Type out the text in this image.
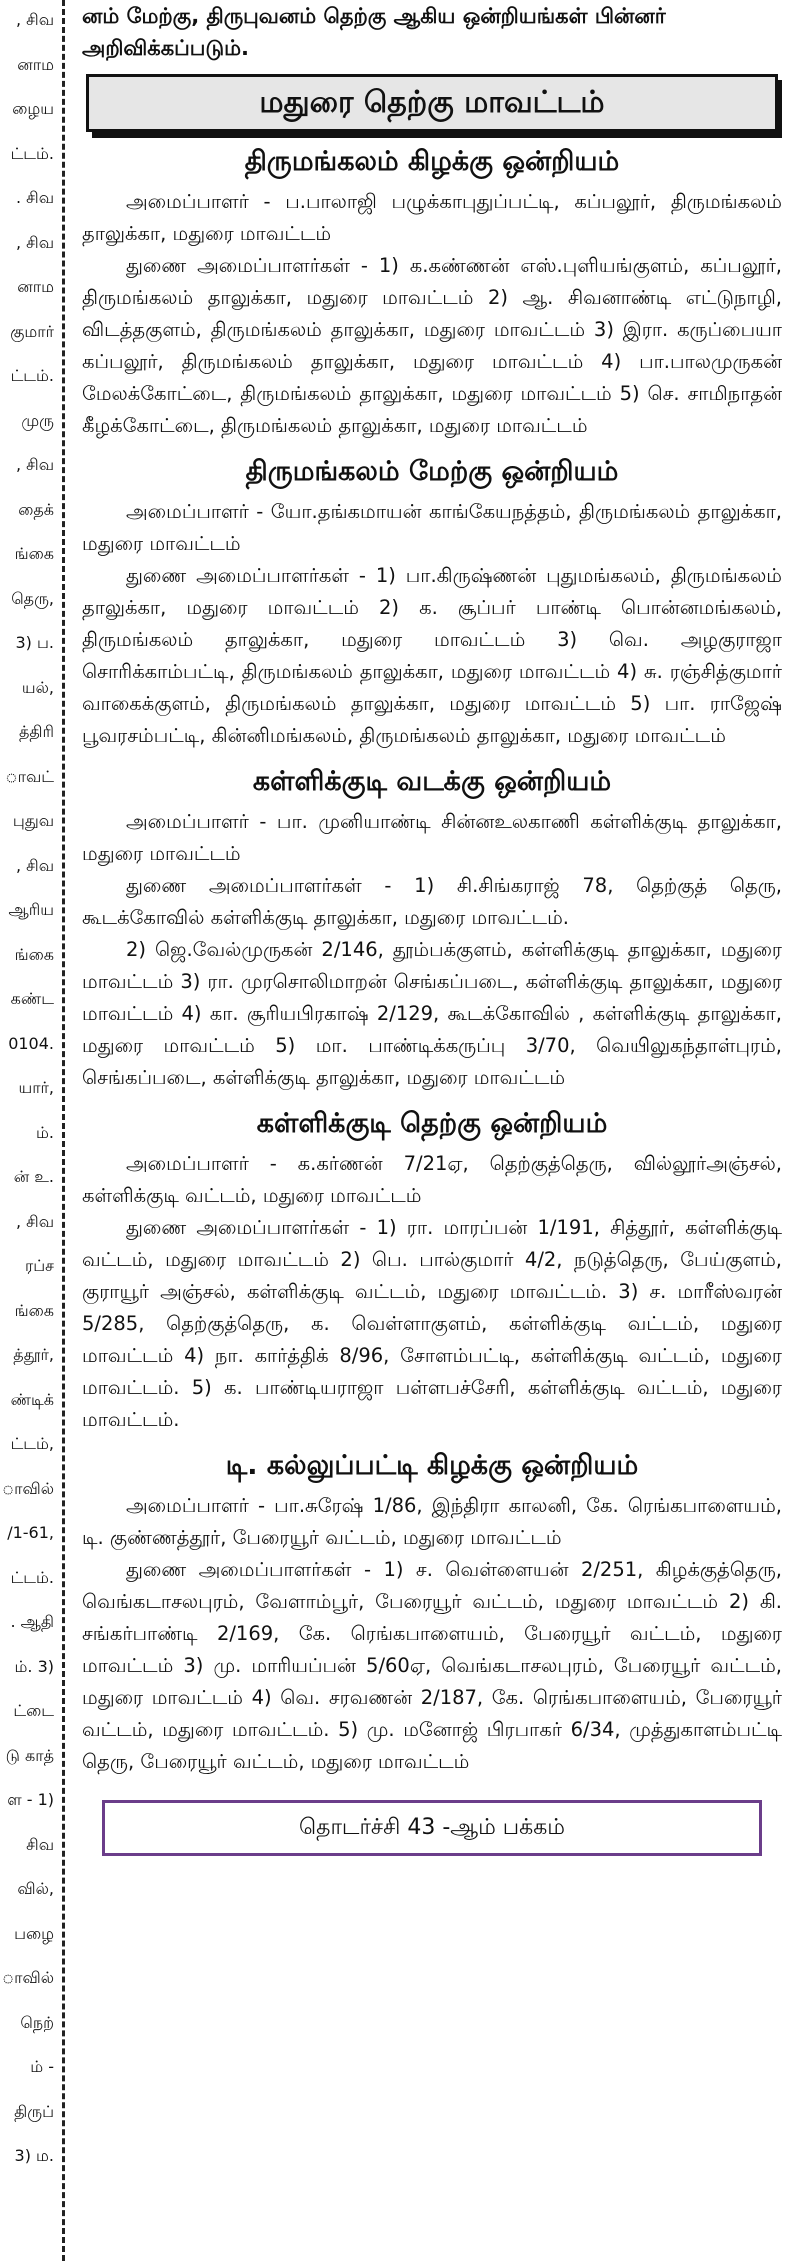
, சிவ
னாம
ழைய
ட்டம்.
. சிவ
, சிவ
னாம
குமார்
ட்டம்.
முரு
, சிவ
தைக்
ங்கை
தெரு,
3) ப.
யல்,
த்திரி
ாவட்
புதுவ
, சிவ
ஆரிய
ங்கை
கண்ட
0104.
யார்,
ம்.
ன் உ.
, சிவ
ரப்ச
ங்கை
த்தூர்,
ண்டிக்
ட்டம்,
ாவில்
/1-61,
ட்டம்.
. ஆதி
ம். 3)
ட்டை
டு காத்
ள - 1)
சிவ
வில்,
பழை
ாவில்
நெற்
ம் -
திருப்
3) ம.

னம் மேற்கு, திருபுவனம் தெற்கு ஆகிய ஒன்றியங்கள் பின்னர் அறிவிக்கப்படும்.

மதுரை தெற்கு மாவட்டம்
திருமங்கலம் கிழக்கு ஒன்றியம்

அமைப்பாளர் - ப.பாலாஜி பழுக்காபுதுப்பட்டி, கப்பலூர், திருமங்கலம் தாலுக்கா, மதுரை மாவட்டம்

துணை அமைப்பாளர்கள் - 1) க.கண்ணன் எஸ்.புளியங்குளம், கப்பலூர், திருமங்கலம் தாலுக்கா, மதுரை மாவட்டம் 2) ஆ. சிவனாண்டி எட்டுநாழி, விடத்தகுளம், திருமங்கலம் தாலுக்கா, மதுரை மாவட்டம் 3) இரா. கருப்பையா கப்பலூர், திருமங்கலம் தாலுக்கா, மதுரை மாவட்டம் 4) பா.பாலமுருகன் மேலக்கோட்டை, திருமங்கலம் தாலுக்கா, மதுரை மாவட்டம் 5) செ. சாமிநாதன் கீழக்கோட்டை, திருமங்கலம் தாலுக்கா, மதுரை மாவட்டம்

திருமங்கலம் மேற்கு ஒன்றியம்

அமைப்பாளர் - யோ.தங்கமாயன் காங்கேயநத்தம், திருமங்கலம் தாலுக்கா, மதுரை மாவட்டம்

துணை அமைப்பாளர்கள் - 1) பா.கிருஷ்ணன் புதுமங்கலம், திருமங்கலம் தாலுக்கா, மதுரை மாவட்டம் 2) க. சூப்பர் பாண்டி பொன்னமங்கலம், திருமங்கலம் தாலுக்கா, மதுரை மாவட்டம் 3) வெ. அழகுராஜா சொரிக்காம்பட்டி, திருமங்கலம் தாலுக்கா, மதுரை மாவட்டம் 4) சு. ரஞ்சித்குமார் வாகைக்குளம், திருமங்கலம் தாலுக்கா, மதுரை மாவட்டம் 5) பா. ராஜேஷ் பூவரசம்பட்டி, கின்னிமங்கலம், திருமங்கலம் தாலுக்கா, மதுரை மாவட்டம்

கள்ளிக்குடி வடக்கு ஒன்றியம்

அமைப்பாளர் - பா. முனியாண்டி சின்னஉலகாணி கள்ளிக்குடி தாலுக்கா, மதுரை மாவட்டம்

துணை அமைப்பாளர்கள் - 1) சி.சிங்கராஜ் 78, தெற்குத் தெரு, கூடக்கோவில் கள்ளிக்குடி தாலுக்கா, மதுரை மாவட்டம்.

2) ஜெ.வேல்முருகன் 2/146, தூம்பக்குளம், கள்ளிக்குடி தாலுக்கா, மதுரை மாவட்டம் 3) ரா. முரசொலிமாறன் செங்கப்படை, கள்ளிக்குடி தாலுக்கா, மதுரை மாவட்டம் 4) கா. சூரியபிரகாஷ் 2/129, கூடக்கோவில் , கள்ளிக்குடி தாலுக்கா, மதுரை மாவட்டம் 5) மா. பாண்டிக்கருப்பு 3/70, வெயிலுகந்தாள்புரம், செங்கப்படை, கள்ளிக்குடி தாலுக்கா, மதுரை மாவட்டம்

கள்ளிக்குடி தெற்கு ஒன்றியம்

அமைப்பாளர் - க.கர்ணன் 7/21ஏ, தெற்குத்தெரு, வில்லூர்அஞ்சல், கள்ளிக்குடி வட்டம், மதுரை மாவட்டம்

துணை அமைப்பாளர்கள் - 1) ரா. மாரப்பன் 1/191, சித்தூர், கள்ளிக்குடி வட்டம், மதுரை மாவட்டம் 2) பெ. பால்குமார் 4/2, நடுத்தெரு, பேய்குளம், குராயூர் அஞ்சல், கள்ளிக்குடி வட்டம், மதுரை மாவட்டம். 3) ச. மாரீஸ்வரன் 5/285, தெற்குத்தெரு, க. வெள்ளாகுளம், கள்ளிக்குடி வட்டம், மதுரை மாவட்டம் 4) நா. கார்த்திக் 8/96, சோளம்பட்டி, கள்ளிக்குடி வட்டம், மதுரை மாவட்டம். 5) க. பாண்டியராஜா பள்ளபச்சேரி, கள்ளிக்குடி வட்டம், மதுரை மாவட்டம்.

டி. கல்லுப்பட்டி கிழக்கு ஒன்றியம்

அமைப்பாளர் - பா.சுரேஷ் 1/86, இந்திரா காலனி, கே. ரெங்கபாளையம், டி. குண்ணத்தூர், பேரையூர் வட்டம், மதுரை மாவட்டம்

துணை அமைப்பாளர்கள் - 1) ச. வெள்ளையன் 2/251, கிழக்குத்தெரு, வெங்கடாசலபுரம், வேளாம்பூர், பேரையூர் வட்டம், மதுரை மாவட்டம் 2) கி. சங்கர்பாண்டி 2/169, கே. ரெங்கபாளையம், பேரையூர் வட்டம், மதுரை மாவட்டம் 3) மு. மாரியப்பன் 5/60ஏ, வெங்கடாசலபுரம், பேரையூர் வட்டம், மதுரை மாவட்டம் 4) வெ. சரவணன் 2/187, கே. ரெங்கபாளையம், பேரையூர் வட்டம், மதுரை மாவட்டம். 5) மு. மனோஜ் பிரபாகர் 6/34, முத்துகாளம்பட்டி தெரு, பேரையூர் வட்டம், மதுரை மாவட்டம்

தொடர்ச்சி 43 -ஆம் பக்கம்
